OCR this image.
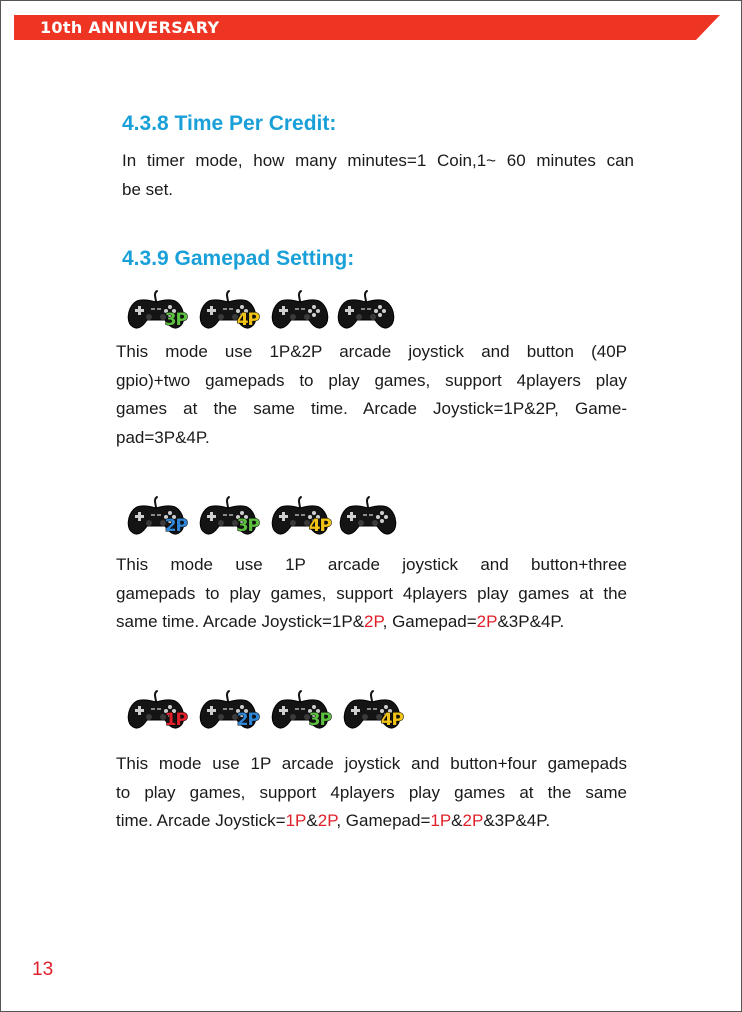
10th ANNIVERSARY
4.3.8 Time Per Credit:
In timer mode, how many minutes=1 Coin,1~ 60 minutes can
be set.
4.3.9 Gamepad Setting:
3P	4P
This mode use 1P&2P arcade joystick and button (40P
gpio)+two gamepads to play games, support 4players play
games at the same time. Arcade Joystick=1P&2P, Game-
pad=3P&4P.
2P	3P	4P
This mode use 1P arcade joystick and button+three
gamepads to play games, support 4players play games at the
same time. Arcade Joystick=1P&2P, Gamepad=2P&3P&4P.
1P	2P	3P	4P
This mode use 1P arcade joystick and button+four gamepads
to play games, support 4players play games at the same
time. Arcade Joystick=1P&2P, Gamepad=1P&2P&3P&4P.
13
